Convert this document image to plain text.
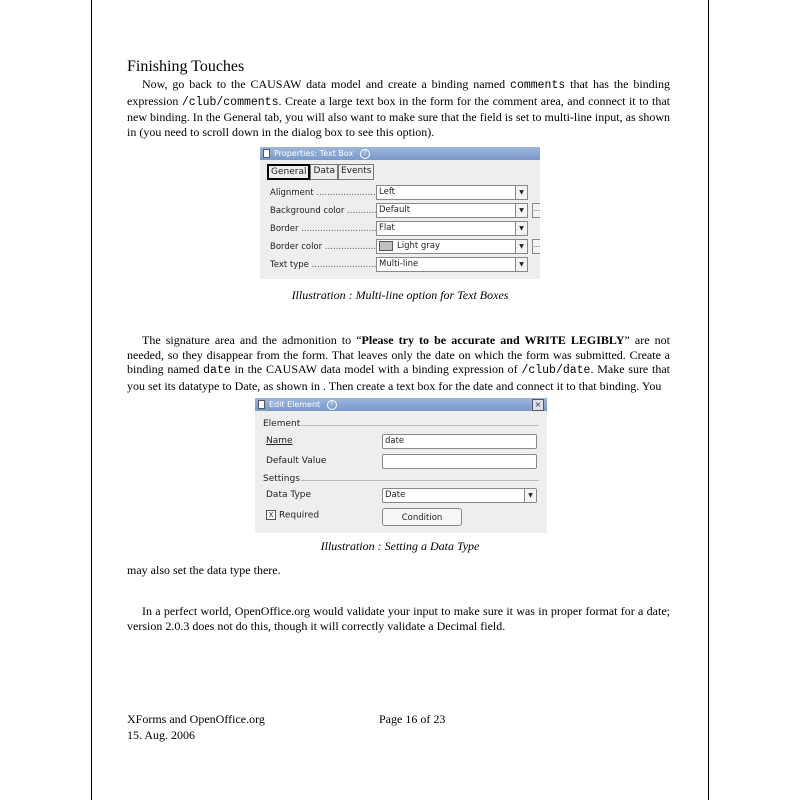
Finishing Touches
Now, go back to the CAUSAW data model and create a binding named comments that has the binding expression /club/comments. Create a large text box in the form for the comment area, and connect it to that new binding. In the General tab, you will also want to make sure that the field is set to multi-line input, as shown in (you need to scroll down in the dialog box to see this option).
Properties: Text Box ?
General Data Events
Alignment .....	Left	▼
Background color .....	Default	▼	...
Border .....	Flat	▼
Border color .....	Light gray	▼	...
Text type .....	Multi-line	▼
Illustration : Multi-line option for Text Boxes
The signature area and the admonition to “Please try to be accurate and WRITE LEGIBLY” are not needed, so they disappear from the form. That leaves only the date on which the form was submitted. Create a binding named date in the CAUSAW data model with a binding expression of /club/date. Make sure that you set its datatype to Date, as shown in . Then create a text box for the date and connect it to that binding. You
Edit Element ?	×
Element
Name	date
Default Value
Settings
Data Type	Date	▼
X Required	Condition
Illustration : Setting a Data Type
may also set the data type there.
In a perfect world, OpenOffice.org would validate your input to make sure it was in proper format for a date; version 2.0.3 does not do this, though it will correctly validate a Decimal field.
XForms and OpenOffice.org
15. Aug. 2006
Page 16 of 23
